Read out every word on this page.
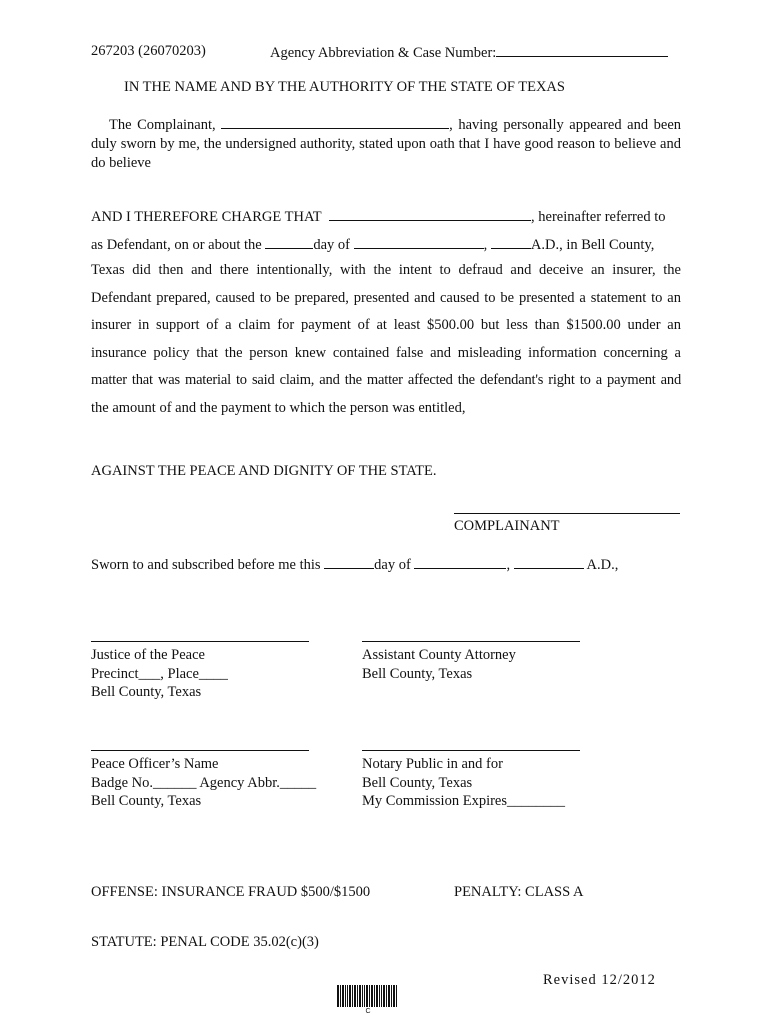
267203 (26070203)	Agency Abbreviation & Case Number:
IN THE NAME AND BY THE AUTHORITY OF THE STATE OF TEXAS
The Complainant,	, having personally appeared and been duly sworn by me, the undersigned authority, stated upon oath that I have good reason to believe and do believe
AND I THEREFORE CHARGE THAT	, hereinafter referred to
as Defendant, on or about the	day of	,	A.D., in Bell County,
Texas did then and there intentionally, with the intent to defraud and deceive an insurer, the
Defendant prepared, caused to be prepared, presented and caused to be presented a statement to an
insurer in support of a claim for payment of at least $500.00 but less than $1500.00 under an
insurance policy that the person knew contained false and misleading information concerning a
matter that was material to said claim, and the matter affected the defendant's right to a payment and
the amount of and the payment to which the person was entitled,
AGAINST THE PEACE AND DIGNITY OF THE STATE.
COMPLAINANT
Sworn to and subscribed before me this	day of	,	A.D.,
Justice of the Peace
Precinct___, Place____
Bell County, Texas
Assistant County Attorney
Bell County, Texas
Peace Officer’s Name
Badge No.______ Agency Abbr._____
Bell County, Texas
Notary Public in and for
Bell County, Texas
My Commission Expires________
OFFENSE: INSURANCE FRAUD $500/$1500	PENALTY: CLASS A
STATUTE: PENAL CODE 35.02(c)(3)
Revised 12/2012
C
